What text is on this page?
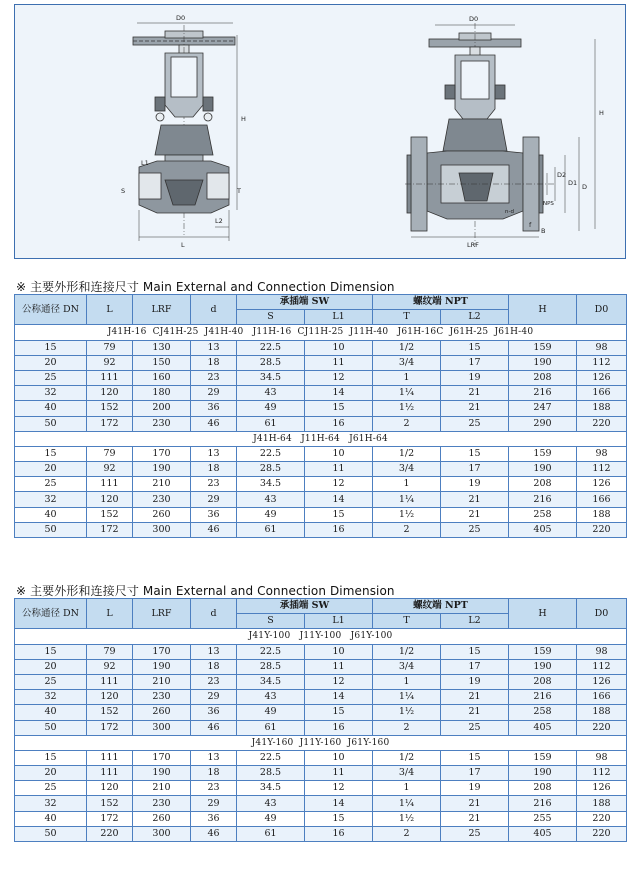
D0
H
L1
S	T
L2
L
D0
H
D
D1
D2
NPS
n-d
f
B
LRF
※ 主要外形和连接尺寸 Main External and Connection Dimension
公称通径 DN	L	LRF	d	承插端 SW		螺纹端 NPT		H	D0
				S	L1	T	L2		
J41H-16  CJ41H-25  J41H-40   J11H-16  CJ11H-25  J11H-40   J61H-16C  J61H-25  J61H-40									
15	79	130	13	22.5	10	1/2	15	159	98
20	92	150	18	28.5	11	3/4	17	190	112
25	111	160	23	34.5	12	1	19	208	126
32	120	180	29	43	14	1¼	21	216	166
40	152	200	36	49	15	1½	21	247	188
50	172	230	46	61	16	2	25	290	220
J41H-64   J11H-64   J61H-64									
15	79	170	13	22.5	10	1/2	15	159	98
20	92	190	18	28.5	11	3/4	17	190	112
25	111	210	23	34.5	12	1	19	208	126
32	120	230	29	43	14	1¼	21	216	166
40	152	260	36	49	15	1½	21	258	188
50	172	300	46	61	16	2	25	405	220
※ 主要外形和连接尺寸 Main External and Connection Dimension
公称通径 DN	L	LRF	d	承插端 SW		螺纹端 NPT		H	D0
				S	L1	T	L2		
J41Y-100   J11Y-100   J61Y-100									
15	79	170	13	22.5	10	1/2	15	159	98
20	92	190	18	28.5	11	3/4	17	190	112
25	111	210	23	34.5	12	1	19	208	126
32	120	230	29	43	14	1¼	21	216	166
40	152	260	36	49	15	1½	21	258	188
50	172	300	46	61	16	2	25	405	220
J41Y-160  J11Y-160  J61Y-160									
15	111	170	13	22.5	10	1/2	15	159	98
20	111	190	18	28.5	11	3/4	17	190	112
25	120	210	23	34.5	12	1	19	208	126
32	152	230	29	43	14	1¼	21	216	188
40	172	260	36	49	15	1½	21	255	220
50	220	300	46	61	16	2	25	405	220
